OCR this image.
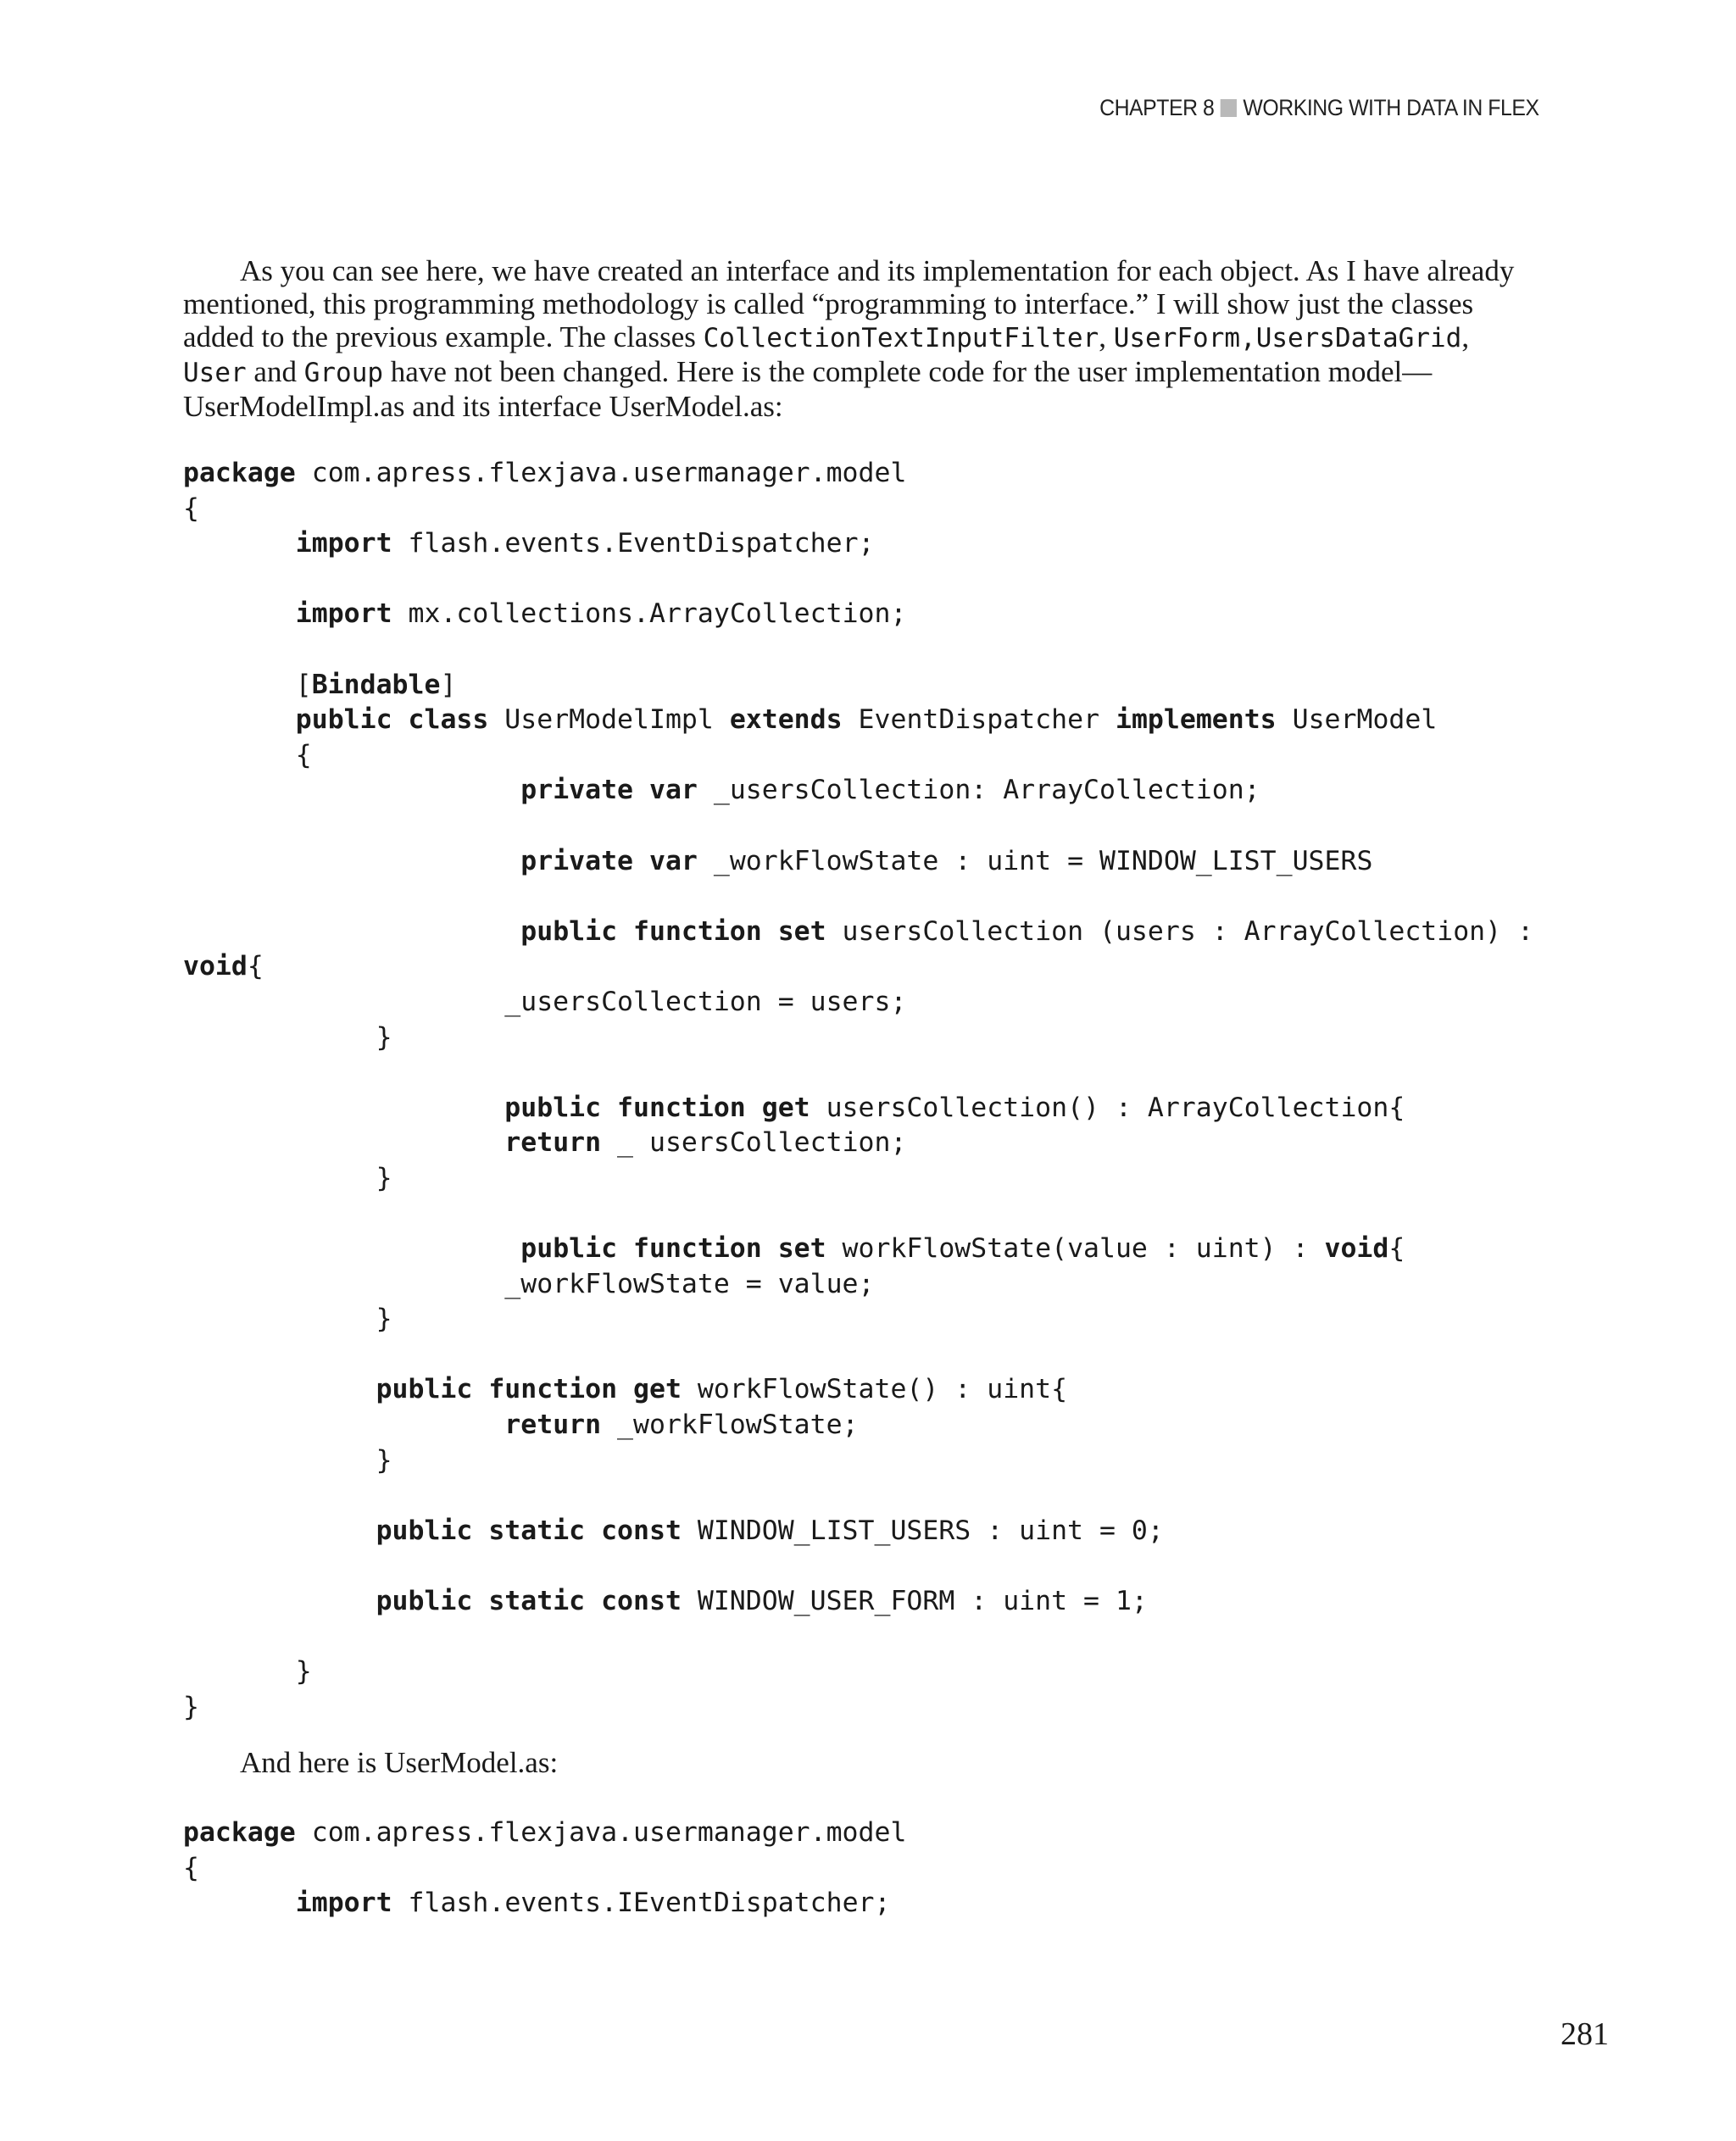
CHAPTER 8 WORKING WITH DATA IN FLEX

As you can see here, we have created an interface and its implementation for each object. As I have already mentioned, this programming methodology is called “programming to interface.” I will show just the classes added to the previous example. The classes CollectionTextInputFilter, UserForm,UsersDataGrid, User and Group have not been changed. Here is the complete code for the user implementation model—UserModelImpl.as and its interface UserModel.as:

package com.apress.flexjava.usermanager.model
{
import flash.events.EventDispatcher;
import mx.collections.ArrayCollection;
[Bindable]
public class UserModelImpl extends EventDispatcher implements UserModel
{
private var _usersCollection: ArrayCollection;
private var _workFlowState : uint = WINDOW_LIST_USERS
public function set usersCollection (users : ArrayCollection) :
void{
_usersCollection = users;
}
public function get usersCollection() : ArrayCollection{
return _ usersCollection;
}
public function set workFlowState(value : uint) : void{
_workFlowState = value;
}
public function get workFlowState() : uint{
return _workFlowState;
}
public static const WINDOW_LIST_USERS : uint = 0;
public static const WINDOW_USER_FORM : uint = 1;
}
}

And here is UserModel.as:

package com.apress.flexjava.usermanager.model
{
import flash.events.IEventDispatcher;
281
